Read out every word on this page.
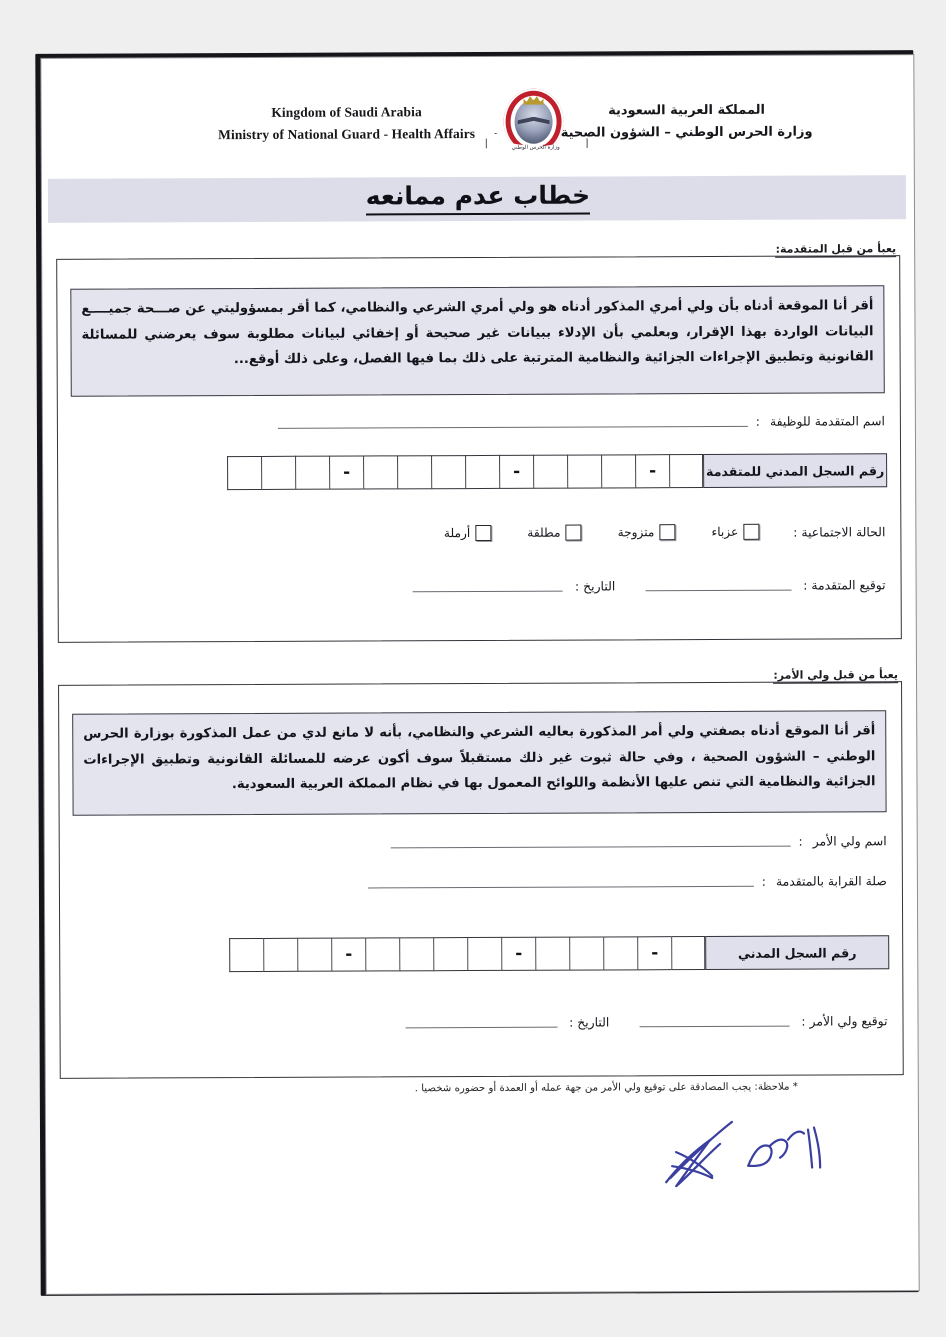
Kingdom of Saudi Arabia
Ministry of National Guard - Health Affairs
وزارة الحرس الوطني
المملكة العربية السعودية
وزارة الحرس الوطني – الشؤون الصحية
خطاب عدم ممانعه
يعبأ من قبل المتقدمة:
أقر أنا الموقعة أدناه بأن ولي أمري المذكور أدناه هو ولي أمري الشرعي والنظامي، كما أقر بمسؤوليتي عن صـــحة جميــــع البيانات الواردة بهذا الإقرار، وبعلمي بأن الإدلاء ببيانات غير صحيحة أو إخفائي لبيانات مطلوبة سوف يعرضني للمسائلة القانونية وتطبيق الإجراءات الجزائية والنظامية المترتبة على ذلك بما فيها الفصل، وعلى ذلك أوقع...
اسم المتقدمة للوظيفة
:
رقم السجل المدني للمتقدمة
-
-
-
الحالة الاجتماعية :
عزباء
متزوجة
مطلقة
أرملة
توقيع المتقدمة :
التاريخ :
يعبأ من قبل ولي الأمر:
أقر أنا الموقع أدناه بصفتي ولي أمر المذكورة بعاليه الشرعي والنظامي، بأنه لا مانع لدي من عمل المذكورة بوزارة الحرس الوطني – الشؤون الصحية ، وفي حالة ثبوت غير ذلك مستقبلاً سوف أكون عرضه للمسائلة القانونية وتطبيق الإجراءات الجزائية والنظامية التي تنص عليها الأنظمة واللوائح المعمول بها في نظام المملكة العربية السعودية.
اسم ولي الأمر
:
صلة القرابة بالمتقدمة
:
رقم السجل المدني
-
-
-
توقيع ولي الأمر :
التاريخ :
* ملاحظة: يجب المصادقة على توقيع ولي الأمر من جهة عمله أو العمدة أو حضوره شخصيا .
